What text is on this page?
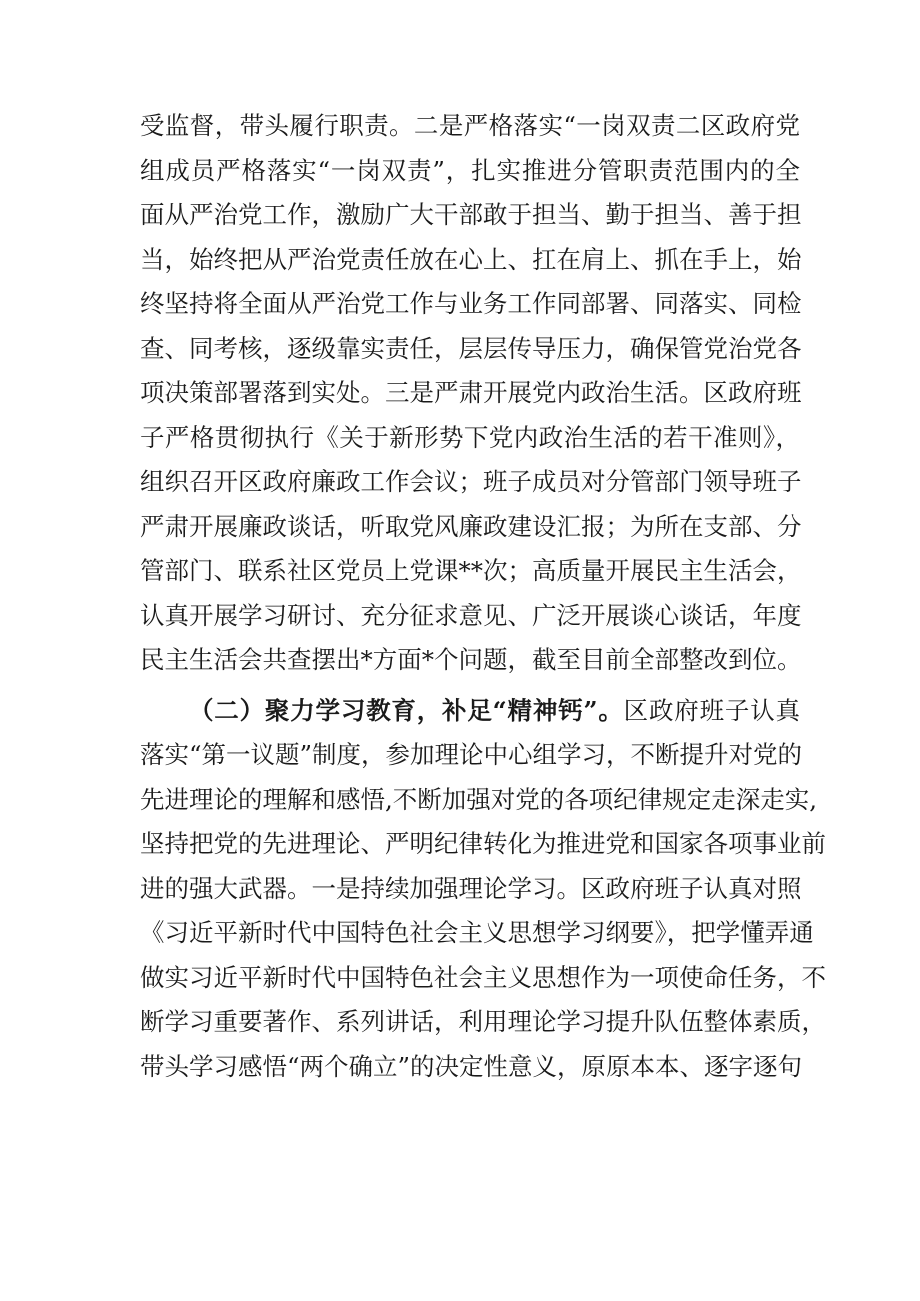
受监督，带头履行职责。二是严格落实“一岗双责二区政府党
组成员严格落实“一岗双责”，扎实推进分管职责范围内的全
面从严治党工作，激励广大干部敢于担当、勤于担当、善于担
当，始终把从严治党责任放在心上、扛在肩上、抓在手上，始
终坚持将全面从严治党工作与业务工作同部署、同落实、同检
查、同考核，逐级靠实责任，层层传导压力，确保管党治党各
项决策部署落到实处。三是严肃开展党内政治生活。区政府班
子严格贯彻执行《关于新形势下党内政治生活的若干准则》，
组织召开区政府廉政工作会议；班子成员对分管部门领导班子
严肃开展廉政谈话，听取党风廉政建设汇报；为所在支部、分
管部门、联系社区党员上党课**次；高质量开展民主生活会，
认真开展学习研讨、充分征求意见、广泛开展谈心谈话，年度
民主生活会共查摆出*方面*个问题，截至目前全部整改到位。
（二）聚力学习教育，补足“精神钙”。区政府班子认真
落实“第一议题”制度，参加理论中心组学习，不断提升对党的
先进理论的理解和感悟,不断加强对党的各项纪律规定走深走实,
坚持把党的先进理论、严明纪律转化为推进党和国家各项事业前
进的强大武器。一是持续加强理论学习。区政府班子认真对照
《习近平新时代中国特色社会主义思想学习纲要》，把学懂弄通
做实习近平新时代中国特色社会主义思想作为一项使命任务，不
断学习重要著作、系列讲话，利用理论学习提升队伍整体素质，
带头学习感悟“两个确立”的决定性意义，原原本本、逐字逐句
